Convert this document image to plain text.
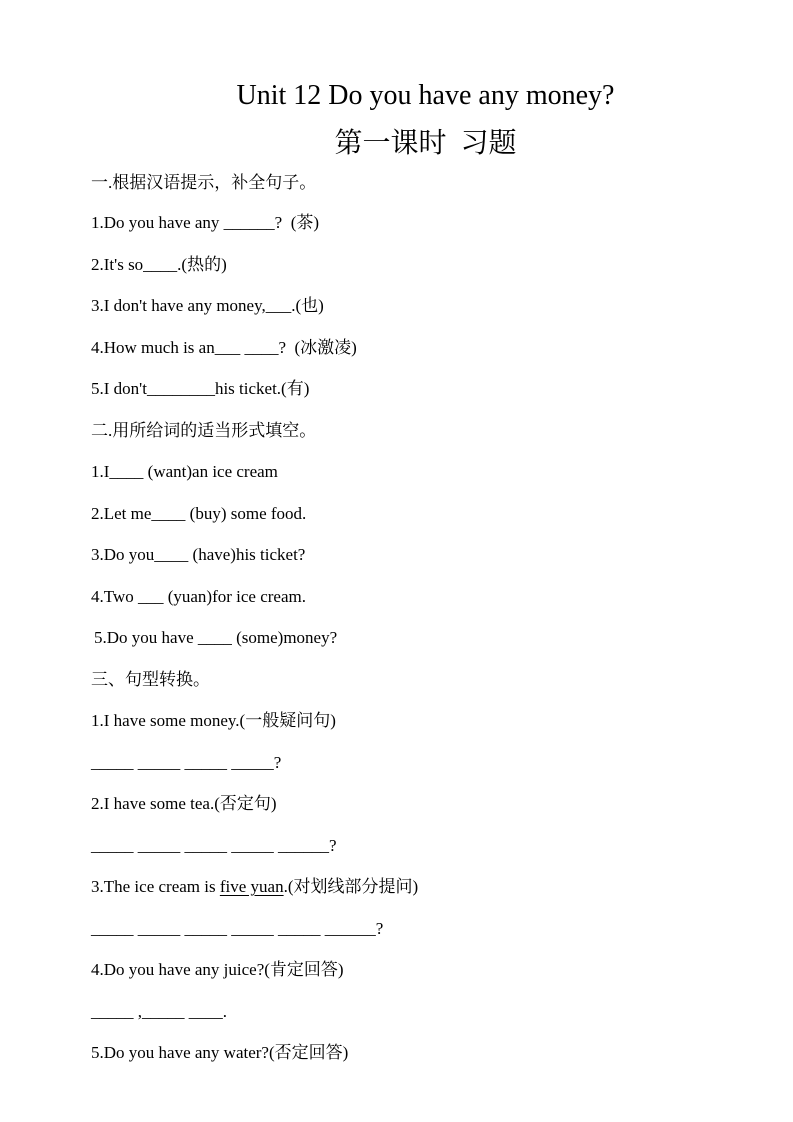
Unit 12 Do you have any money?
第一课时  习题
一.根据汉语提示，补全句子。
1.Do you have any ______?  (茶)
2.It's so____.(热的)
3.I don't have any money,___.(也)
4.How much is an___ ____?  (冰激凌)
5.I don't________his ticket.(有)
二.用所给词的适当形式填空。
1.I____ (want)an ice cream
2.Let me____ (buy) some food.
3.Do you____ (have)his ticket?
4.Two ___ (yuan)for ice cream.
5.Do you have ____ (some)money?
三、句型转换。
1.I have some money.(一般疑问句)
_____ _____ _____ _____?
2.I have some tea.(否定句)
_____ _____ _____ _____ ______?
3.The ice cream is five yuan.(对划线部分提问)
_____ _____ _____ _____ _____ ______?
4.Do you have any juice?(肯定回答)
_____ ,_____ ____.
5.Do you have any water?(否定回答)
